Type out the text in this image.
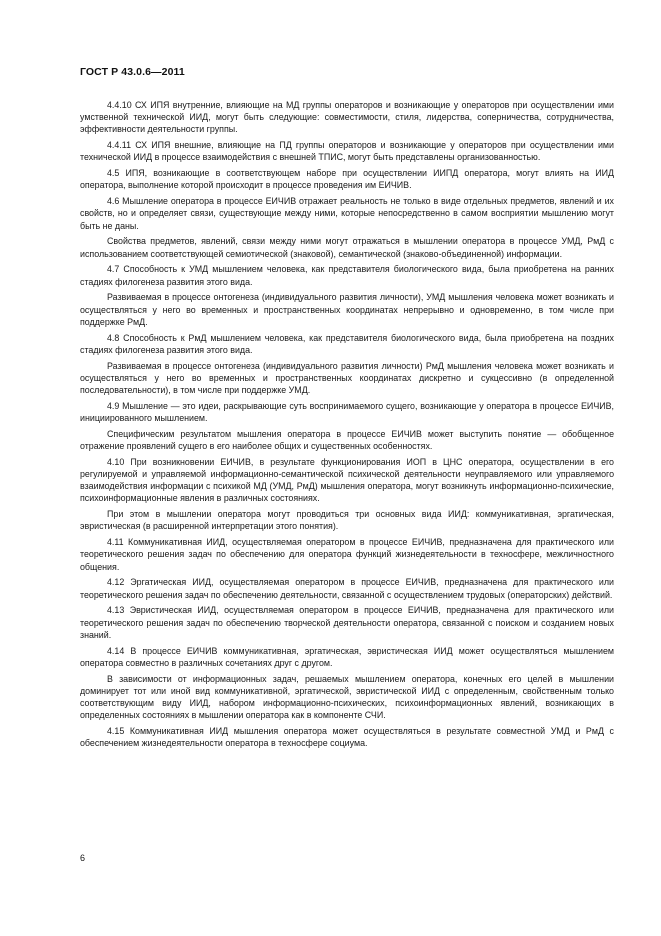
ГОСТ Р 43.0.6—2011

4.4.10 СХ ИПЯ внутренние, влияющие на МД группы операторов и возникающие у операторов при осуществлении ими умственной технической ИИД, могут быть следующие: совместимости, стиля, лидерства, соперничества, сотрудничества, эффективности деятельности группы.

4.4.11 СХ ИПЯ внешние, влияющие на ПД группы операторов и возникающие у операторов при осуществлении ими технической ИИД в процессе взаимодействия с внешней ТПИС, могут быть представлены организованностью.

4.5 ИПЯ, возникающие в соответствующем наборе при осуществлении ИИПД оператора, могут влиять на ИИД оператора, выполнение которой происходит в процессе проведения им ЕИЧИВ.

4.6 Мышление оператора в процессе ЕИЧИВ отражает реальность не только в виде отдельных предметов, явлений и их свойств, но и определяет связи, существующие между ними, которые непосредственно в самом восприятии мышлению могут быть не даны.

Свойства предметов, явлений, связи между ними могут отражаться в мышлении оператора в процессе УМД, РмД с использованием соответствующей семиотической (знаковой), семантической (знаково-объединенной) информации.

4.7 Способность к УМД мышлением человека, как представителя биологического вида, была приобретена на ранних стадиях филогенеза развития этого вида.

Развиваемая в процессе онтогенеза (индивидуального развития личности), УМД мышления человека может возникать и осуществляться у него во временных и пространственных координатах непрерывно и одновременно, в том числе при поддержке РмД.

4.8 Способность к РмД мышлением человека, как представителя биологического вида, была приобретена на поздних стадиях филогенеза развития этого вида.

Развиваемая в процессе онтогенеза (индивидуального развития личности) РмД мышления человека может возникать и осуществляться у него во временных и пространственных координатах дискретно и сукцессивно (в определенной последовательности), в том числе при поддержке УМД.

4.9 Мышление — это идеи, раскрывающие суть воспринимаемого сущего, возникающие у оператора в процессе ЕИЧИВ, инициированного мышлением.

Специфическим результатом мышления оператора в процессе ЕИЧИВ может выступить понятие — обобщенное отражение проявлений сущего в его наиболее общих и существенных особенностях.

4.10 При возникновении ЕИЧИВ, в результате функционирования ИОП в ЦНС оператора, осуществлении в его регулируемой и управляемой информационно-семантической психической деятельности неуправляемого или управляемого взаимодействия информации с психикой МД (УМД, РмД) мышления оператора, могут возникнуть информационно-психические, психоинформационные явления в различных состояниях.

При этом в мышлении оператора могут проводиться три основных вида ИИД: коммуникативная, эргатическая, эвристическая (в расширенной интерпретации этого понятия).

4.11 Коммуникативная ИИД, осуществляемая оператором в процессе ЕИЧИВ, предназначена для практического или теоретического решения задач по обеспечению для оператора функций жизнедеятельности в техносфере, межличностного общения.

4.12 Эргатическая ИИД, осуществляемая оператором в процессе ЕИЧИВ, предназначена для практического или теоретического решения задач по обеспечению деятельности, связанной с осуществлением трудовых (операторских) действий.

4.13 Эвристическая ИИД, осуществляемая оператором в процессе ЕИЧИВ, предназначена для практического или теоретического решения задач по обеспечению творческой деятельности оператора, связанной с поиском и созданием новых знаний.

4.14 В процессе ЕИЧИВ коммуникативная, эргатическая, эвристическая ИИД может осуществляться мышлением оператора совместно в различных сочетаниях друг с другом.

В зависимости от информационных задач, решаемых мышлением оператора, конечных его целей в мышлении доминирует тот или иной вид коммуникативной, эргатической, эвристической ИИД с определенным, свойственным только соответствующим виду ИИД, набором информационно-психических, психоинформационных явлений, возникающих в определенных состояниях в мышлении оператора как в компоненте СЧИ.

4.15 Коммуникативная ИИД мышления оператора может осуществляться в результате совместной УМД и РмД с обеспечением жизнедеятельности оператора в техносфере социума.

6
